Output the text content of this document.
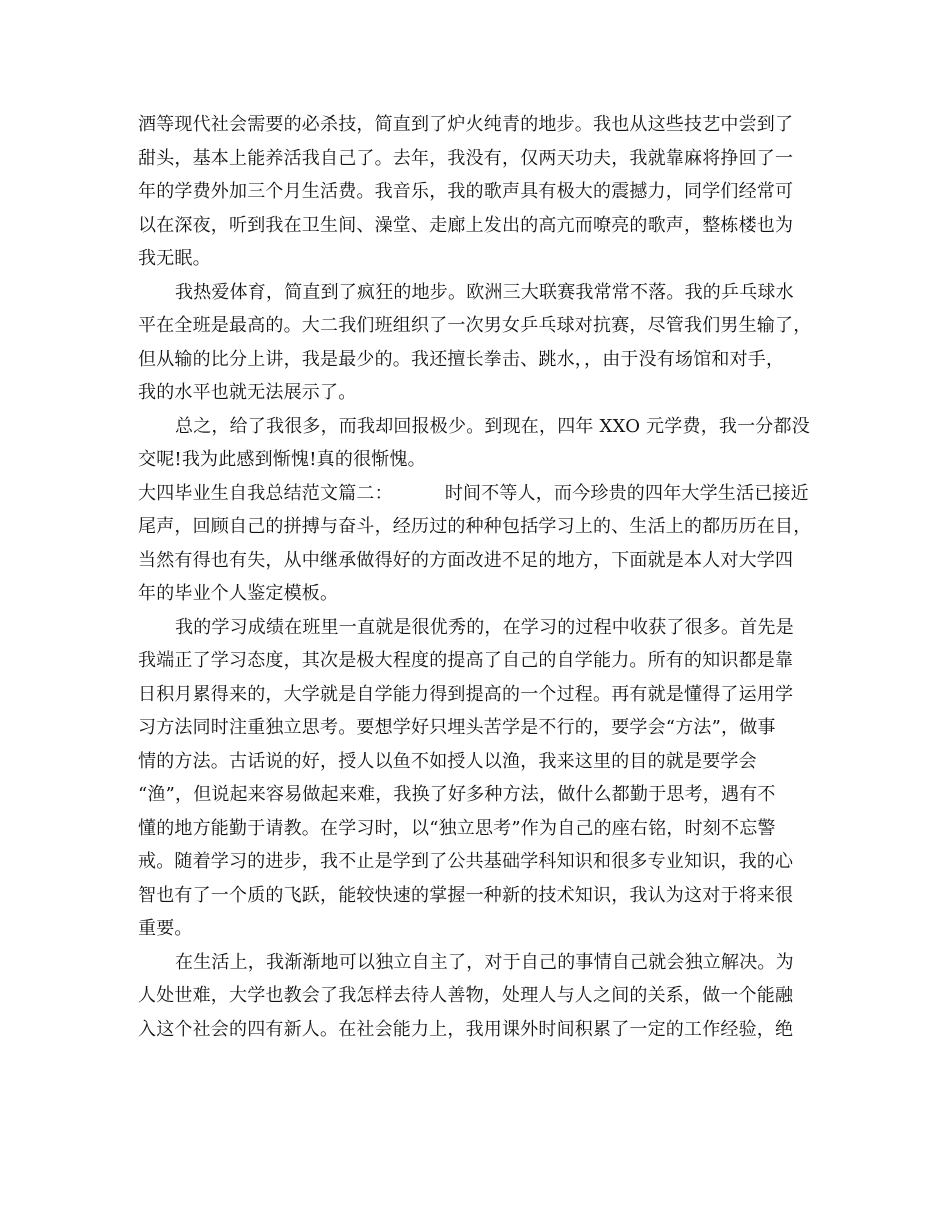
酒等现代社会需要的必杀技，简直到了炉火纯青的地步。我也从这些技艺中尝到了
甜头，基本上能养活我自己了。去年，我没有，仅两天功夫，我就靠麻将挣回了一
年的学费外加三个月生活费。我音乐，我的歌声具有极大的震撼力，同学们经常可
以在深夜，听到我在卫生间、澡堂、走廊上发出的高亢而嘹亮的歌声，整栋楼也为
我无眠。
我热爱体育，简直到了疯狂的地步。欧洲三大联赛我常常不落。我的乒乓球水
平在全班是最高的。大二我们班组织了一次男女乒乓球对抗赛，尽管我们男生输了，
但从输的比分上讲，我是最少的。我还擅长拳击、跳水，，由于没有场馆和对手，
我的水平也就无法展示了。
总之，给了我很多，而我却回报极少。到现在，四年 XXO 元学费，我一分都没
交呢!我为此感到惭愧!真的很惭愧。
大四毕业生自我总结范文篇二：	时间不等人，而今珍贵的四年大学生活已接近
尾声，回顾自己的拼搏与奋斗，经历过的种种包括学习上的、生活上的都历历在目，
当然有得也有失，从中继承做得好的方面改进不足的地方，下面就是本人对大学四
年的毕业个人鉴定模板。
我的学习成绩在班里一直就是很优秀的，在学习的过程中收获了很多。首先是
我端正了学习态度，其次是极大程度的提高了自己的自学能力。所有的知识都是靠
日积月累得来的，大学就是自学能力得到提高的一个过程。再有就是懂得了运用学
习方法同时注重独立思考。要想学好只埋头苦学是不行的，要学会“方法”，做事
情的方法。古话说的好，授人以鱼不如授人以渔，我来这里的目的就是要学会
“渔”，但说起来容易做起来难，我换了好多种方法，做什么都勤于思考，遇有不
懂的地方能勤于请教。在学习时，以“独立思考”作为自己的座右铭，时刻不忘警
戒。随着学习的进步，我不止是学到了公共基础学科知识和很多专业知识，我的心
智也有了一个质的飞跃，能较快速的掌握一种新的技术知识，我认为这对于将来很
重要。
在生活上，我渐渐地可以独立自主了，对于自己的事情自己就会独立解决。为
人处世难，大学也教会了我怎样去待人善物，处理人与人之间的关系，做一个能融
入这个社会的四有新人。在社会能力上，我用课外时间积累了一定的工作经验，绝
